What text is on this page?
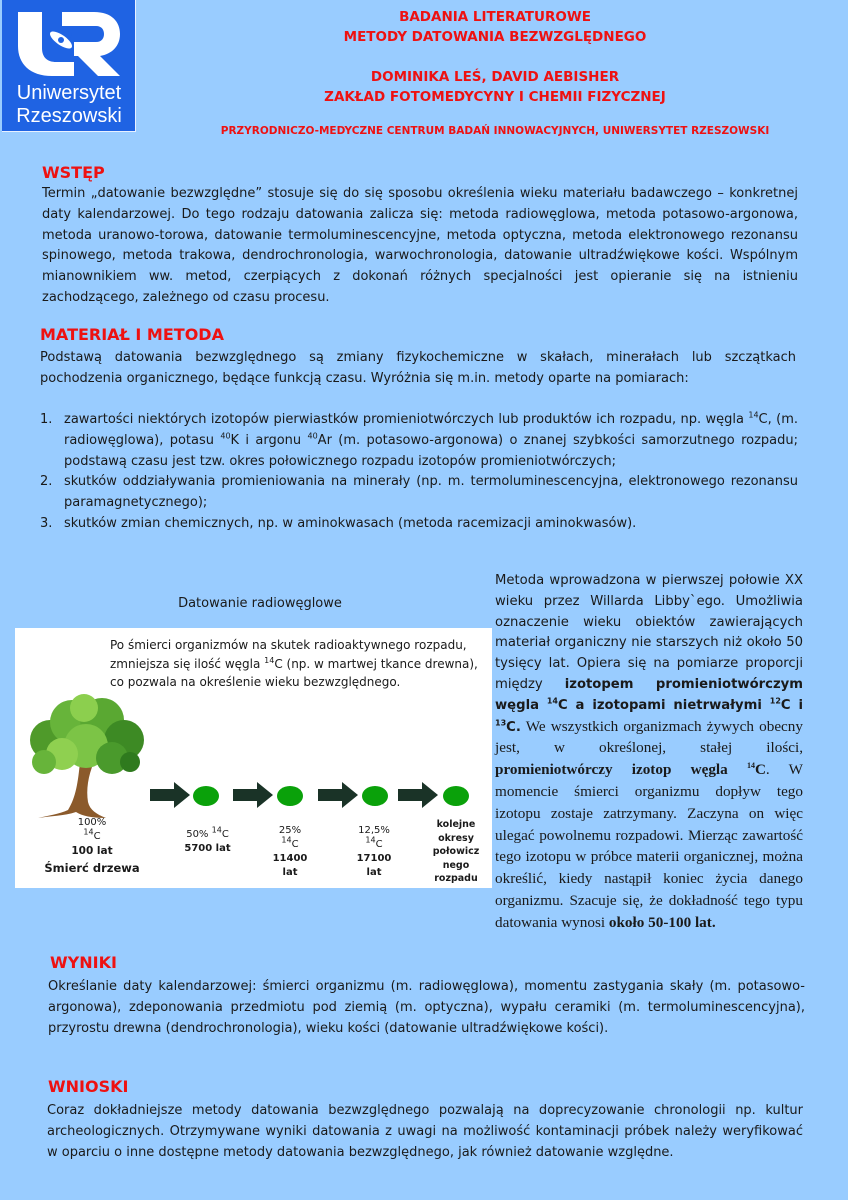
Uniwersytet
Rzeszowski
BADANIA LITERATUROWE
METODY DATOWANIA BEZWZGLĘDNEGO
DOMINIKA LEŚ, DAVID AEBISHER
ZAKŁAD FOTOMEDYCYNY I CHEMII FIZYCZNEJ
PRZYRODNICZO-MEDYCZNE CENTRUM BADAŃ INNOWACYJNYCH, UNIWERSYTET RZESZOWSKI
WSTĘP
Termin „datowanie bezwzględne” stosuje się do się sposobu określenia wieku materiału badawczego – konkretnej daty kalendarzowej. Do tego rodzaju datowania zalicza się: metoda radiowęglowa, metoda potasowo-argonowa, metoda uranowo-torowa, datowanie termoluminescencyjne, metoda optyczna, metoda elektronowego rezonansu spinowego, metoda trakowa, dendrochronologia, warwochronologia, datowanie ultradźwiękowe kości. Wspólnym mianownikiem ww. metod, czerpiących z dokonań różnych specjalności jest opieranie się na istnieniu zachodzącego, zależnego od czasu procesu.
MATERIAŁ I METODA
Podstawą datowania bezwzględnego są zmiany fizykochemiczne w skałach, minerałach lub szczątkach pochodzenia organicznego, będące funkcją czasu. Wyróżnia się m.in. metody oparte na pomiarach:
1. zawartości niektórych izotopów pierwiastków promieniotwórczych lub produktów ich rozpadu, np. węgla $^{14}$C, (m. radiowęglowa), potasu $^{40}$K i argonu $^{40}$Ar (m. potasowo-argonowa) o znanej szybkości samorzutnego rozpadu; podstawą czasu jest tzw. okres połowicznego rozpadu izotopów promieniotwórczych;
2. skutków oddziaływania promieniowania na minerały (np. m. termoluminescencyjna, elektronowego rezonansu paramagnetycznego);
3. skutków zmian chemicznych, np. w aminokwasach (metoda racemizacji aminokwasów).
Datowanie radiowęglowe
Po śmierci organizmów na skutek radioaktywnego rozpadu, zmniejsza się ilość węgla $^{14}$C (np. w martwej tkance drewna), co pozwala na określenie wieku bezwzględnego.
100%
$^{14}$C
100 lat
Śmierć drzewa
50% $^{14}$C
5700 lat
25%
$^{14}$C
11400
lat
12,5%
$^{14}$C
17100
lat
kolejne
okresy
połowicz
nego
rozpadu
Metoda wprowadzona w pierwszej połowie XX wieku przez Willarda Libby`ego. Umożliwia oznaczenie wieku obiektów zawierających materiał organiczny nie starszych niż około 50 tysięcy lat. Opiera się na pomiarze proporcji między izotopem promieniotwórczym węgla $^{14}$C a izotopami nietrwałymi $^{12}$C i $^{13}$C. We wszystkich organizmach żywych obecny jest, w określonej, stałej ilości, promieniotwórczy izotop węgla $^{14}$C. W momencie śmierci organizmu dopływ tego izotopu zostaje zatrzymany. Zaczyna on więc ulegać powolnemu rozpadowi. Mierząc zawartość tego izotopu w próbce materii organicznej, można określić, kiedy nastąpił koniec życia danego organizmu. Szacuje się, że dokładność tego typu datowania wynosi około 50-100 lat.
WYNIKI
Określanie daty kalendarzowej: śmierci organizmu (m. radiowęglowa), momentu zastygania skały (m. potasowo-argonowa), zdeponowania przedmiotu pod ziemią (m. optyczna), wypału ceramiki (m. termoluminescencyjna), przyrostu drewna (dendrochronologia), wieku kości (datowanie ultradźwiękowe kości).
WNIOSKI
Coraz dokładniejsze metody datowania bezwzględnego pozwalają na doprecyzowanie chronologii np. kultur archeologicznych. Otrzymywane wyniki datowania z uwagi na możliwość kontaminacji próbek należy weryfikować w oparciu o inne dostępne metody datowania bezwzględnego, jak również datowanie względne.
